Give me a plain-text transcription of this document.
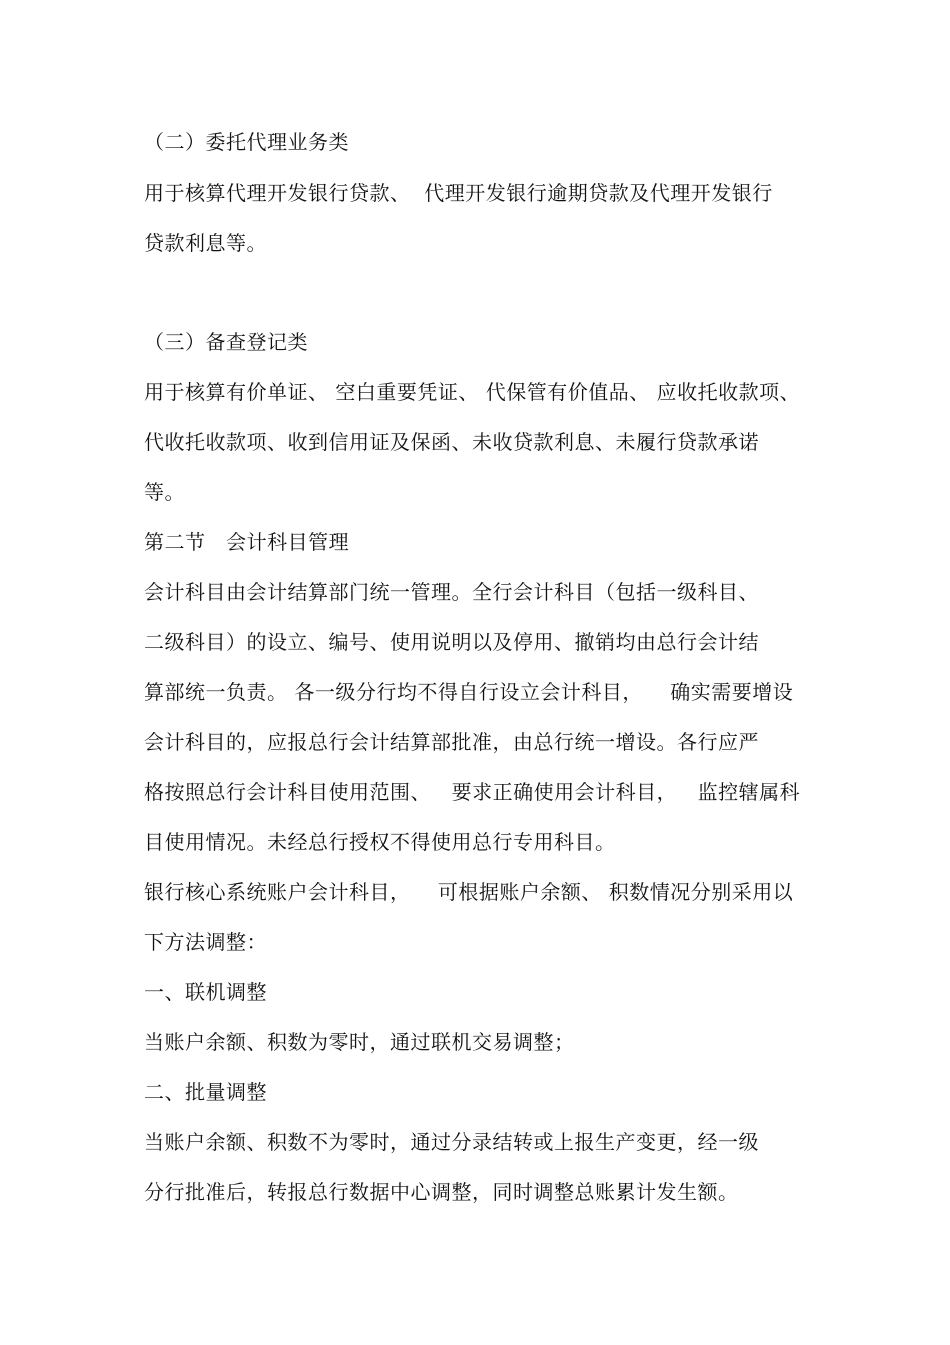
（二）委托代理业务类
用于核算代理开发银行贷款、  代理开发银行逾期贷款及代理开发银行
贷款利息等。
（三）备查登记类
用于核算有价单证、 空白重要凭证、 代保管有价值品、 应收托收款项、
代收托收款项、收到信用证及保函、未收贷款利息、未履行贷款承诺
等。
第二节   会计科目管理
会计科目由会计结算部门统一管理。全行会计科目（包括一级科目、
二级科目）的设立、编号、使用说明以及停用、撤销均由总行会计结
算部统一负责。 各一级分行均不得自行设立会计科目，    确实需要增设
会计科目的，应报总行会计结算部批准，由总行统一增设。各行应严
格按照总行会计科目使用范围、   要求正确使用会计科目，   监控辖属科
目使用情况。未经总行授权不得使用总行专用科目。
银行核心系统账户会计科目，    可根据账户余额、 积数情况分别采用以
下方法调整：
一、联机调整
当账户余额、积数为零时，通过联机交易调整；
二、批量调整
当账户余额、积数不为零时，通过分录结转或上报生产变更，经一级
分行批准后，转报总行数据中心调整，同时调整总账累计发生额。
